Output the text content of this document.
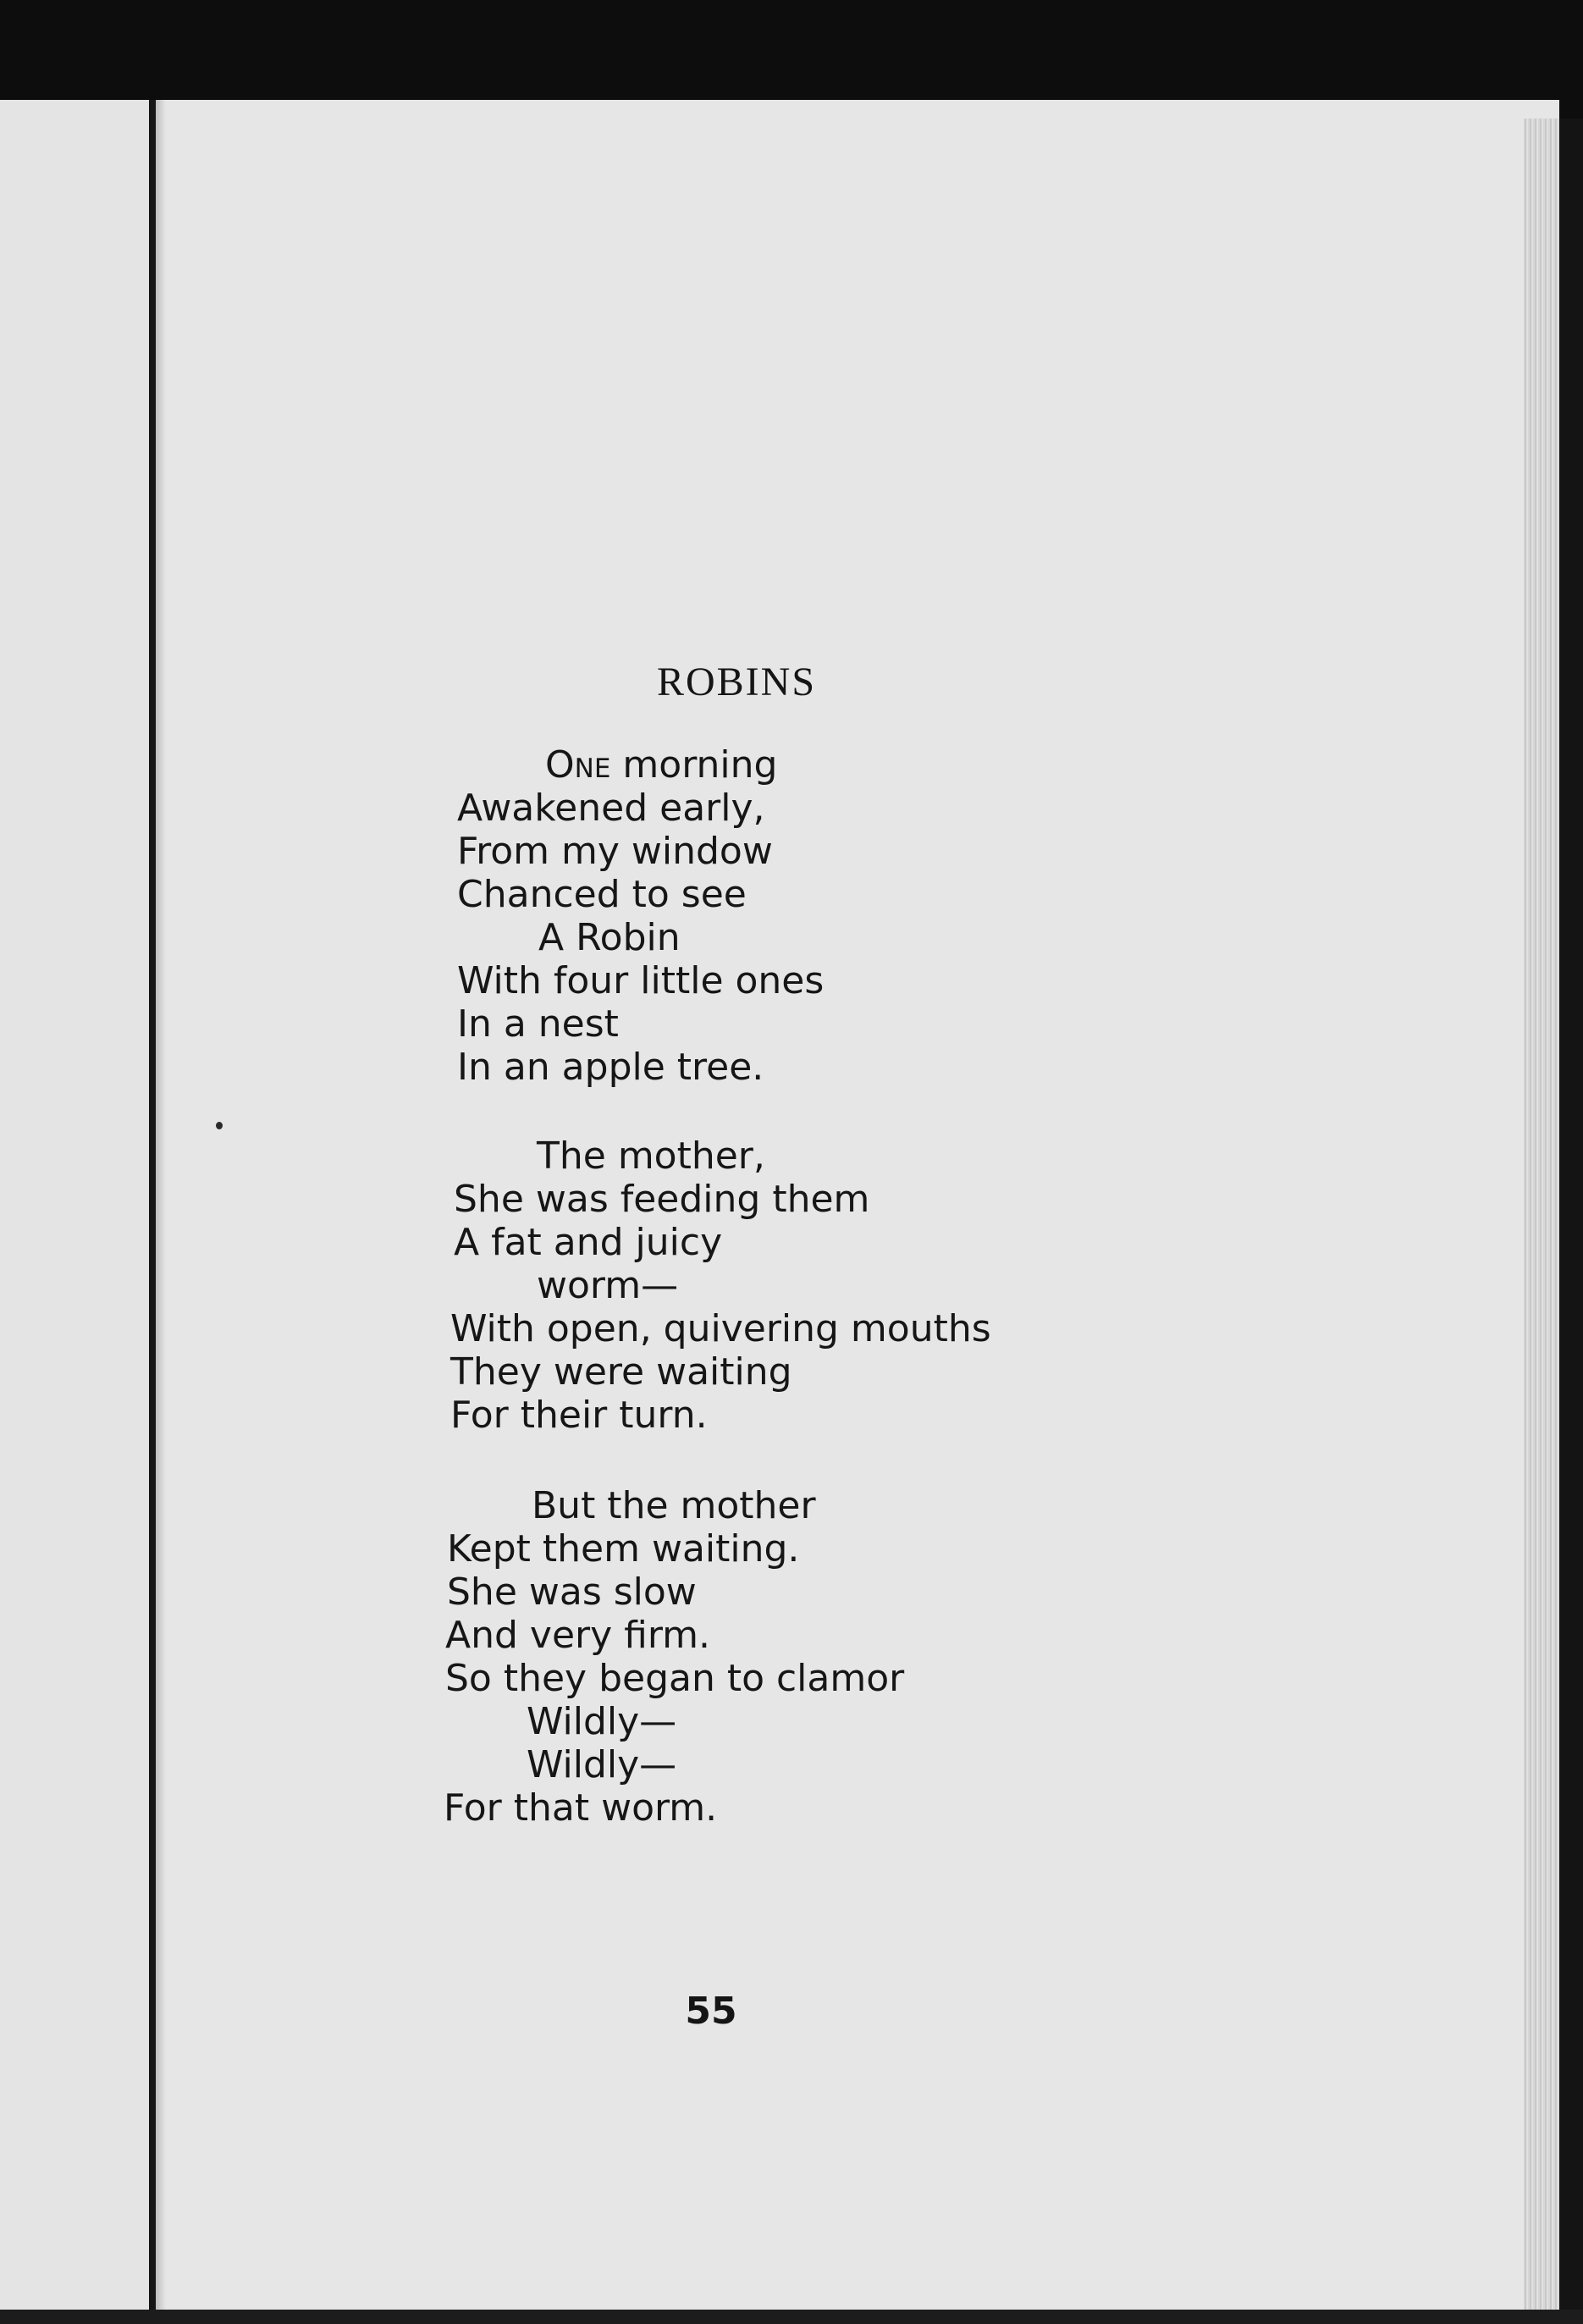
ROBINS
One morning
Awakened early,
From my window
Chanced to see
A Robin
With four little ones
In a nest
In an apple tree.
The mother,
She was feeding them
A fat and juicy
worm—
With open, quivering mouths
They were waiting
For their turn.
But the mother
Kept them waiting.
She was slow
And very firm.
So they began to clamor
Wildly—
Wildly—
For that worm.
55
